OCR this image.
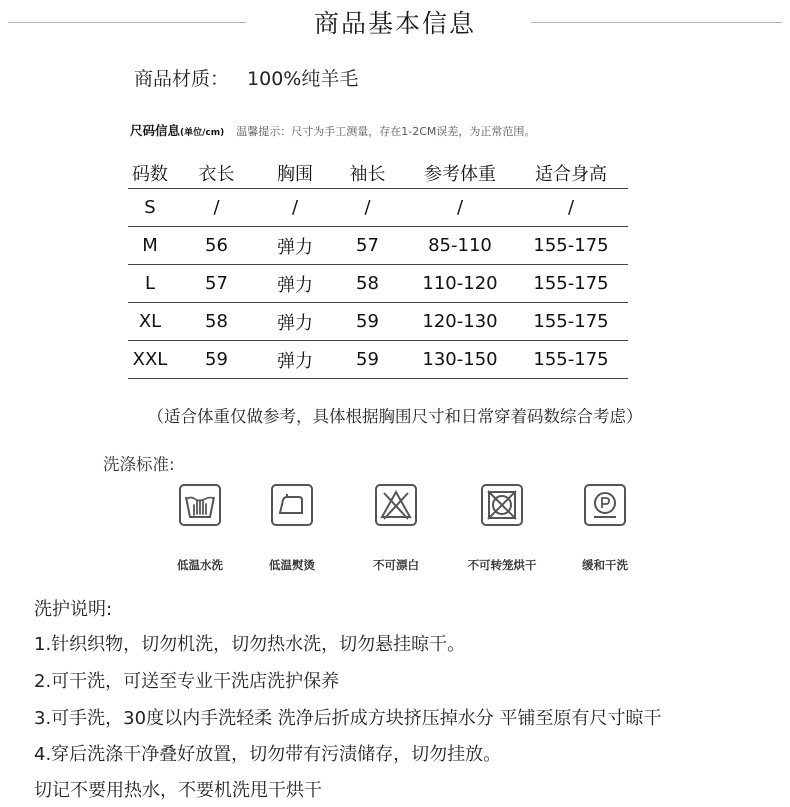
商品基本信息
商品材质： 100%纯羊毛
尺码信息(单位/cm) 温馨提示：尺寸为手工测量，存在1-2CM误差，为正常范围。
码数	衣长	胸围	袖长	参考体重	适合身高
S	/	/	/	/	/
M	56	弹力	57	85-110	155-175
L	57	弹力	58	110-120	155-175
XL	58	弹力	59	120-130	155-175
XXL	59	弹力	59	130-150	155-175
（适合体重仅做参考，具体根据胸围尺寸和日常穿着码数综合考虑）
洗涤标准:
低温水洗	低温熨烫	不可漂白	不可转笼烘干	缓和干洗
洗护说明:
1.针织织物，切勿机洗，切勿热水洗，切勿悬挂晾干。
2.可干洗，可送至专业干洗店洗护保养
3.可手洗，30度以内手洗轻柔 洗净后折成方块挤压掉水分 平铺至原有尺寸晾干
4.穿后洗涤干净叠好放置，切勿带有污渍储存，切勿挂放。
切记不要用热水，不要机洗甩干烘干
